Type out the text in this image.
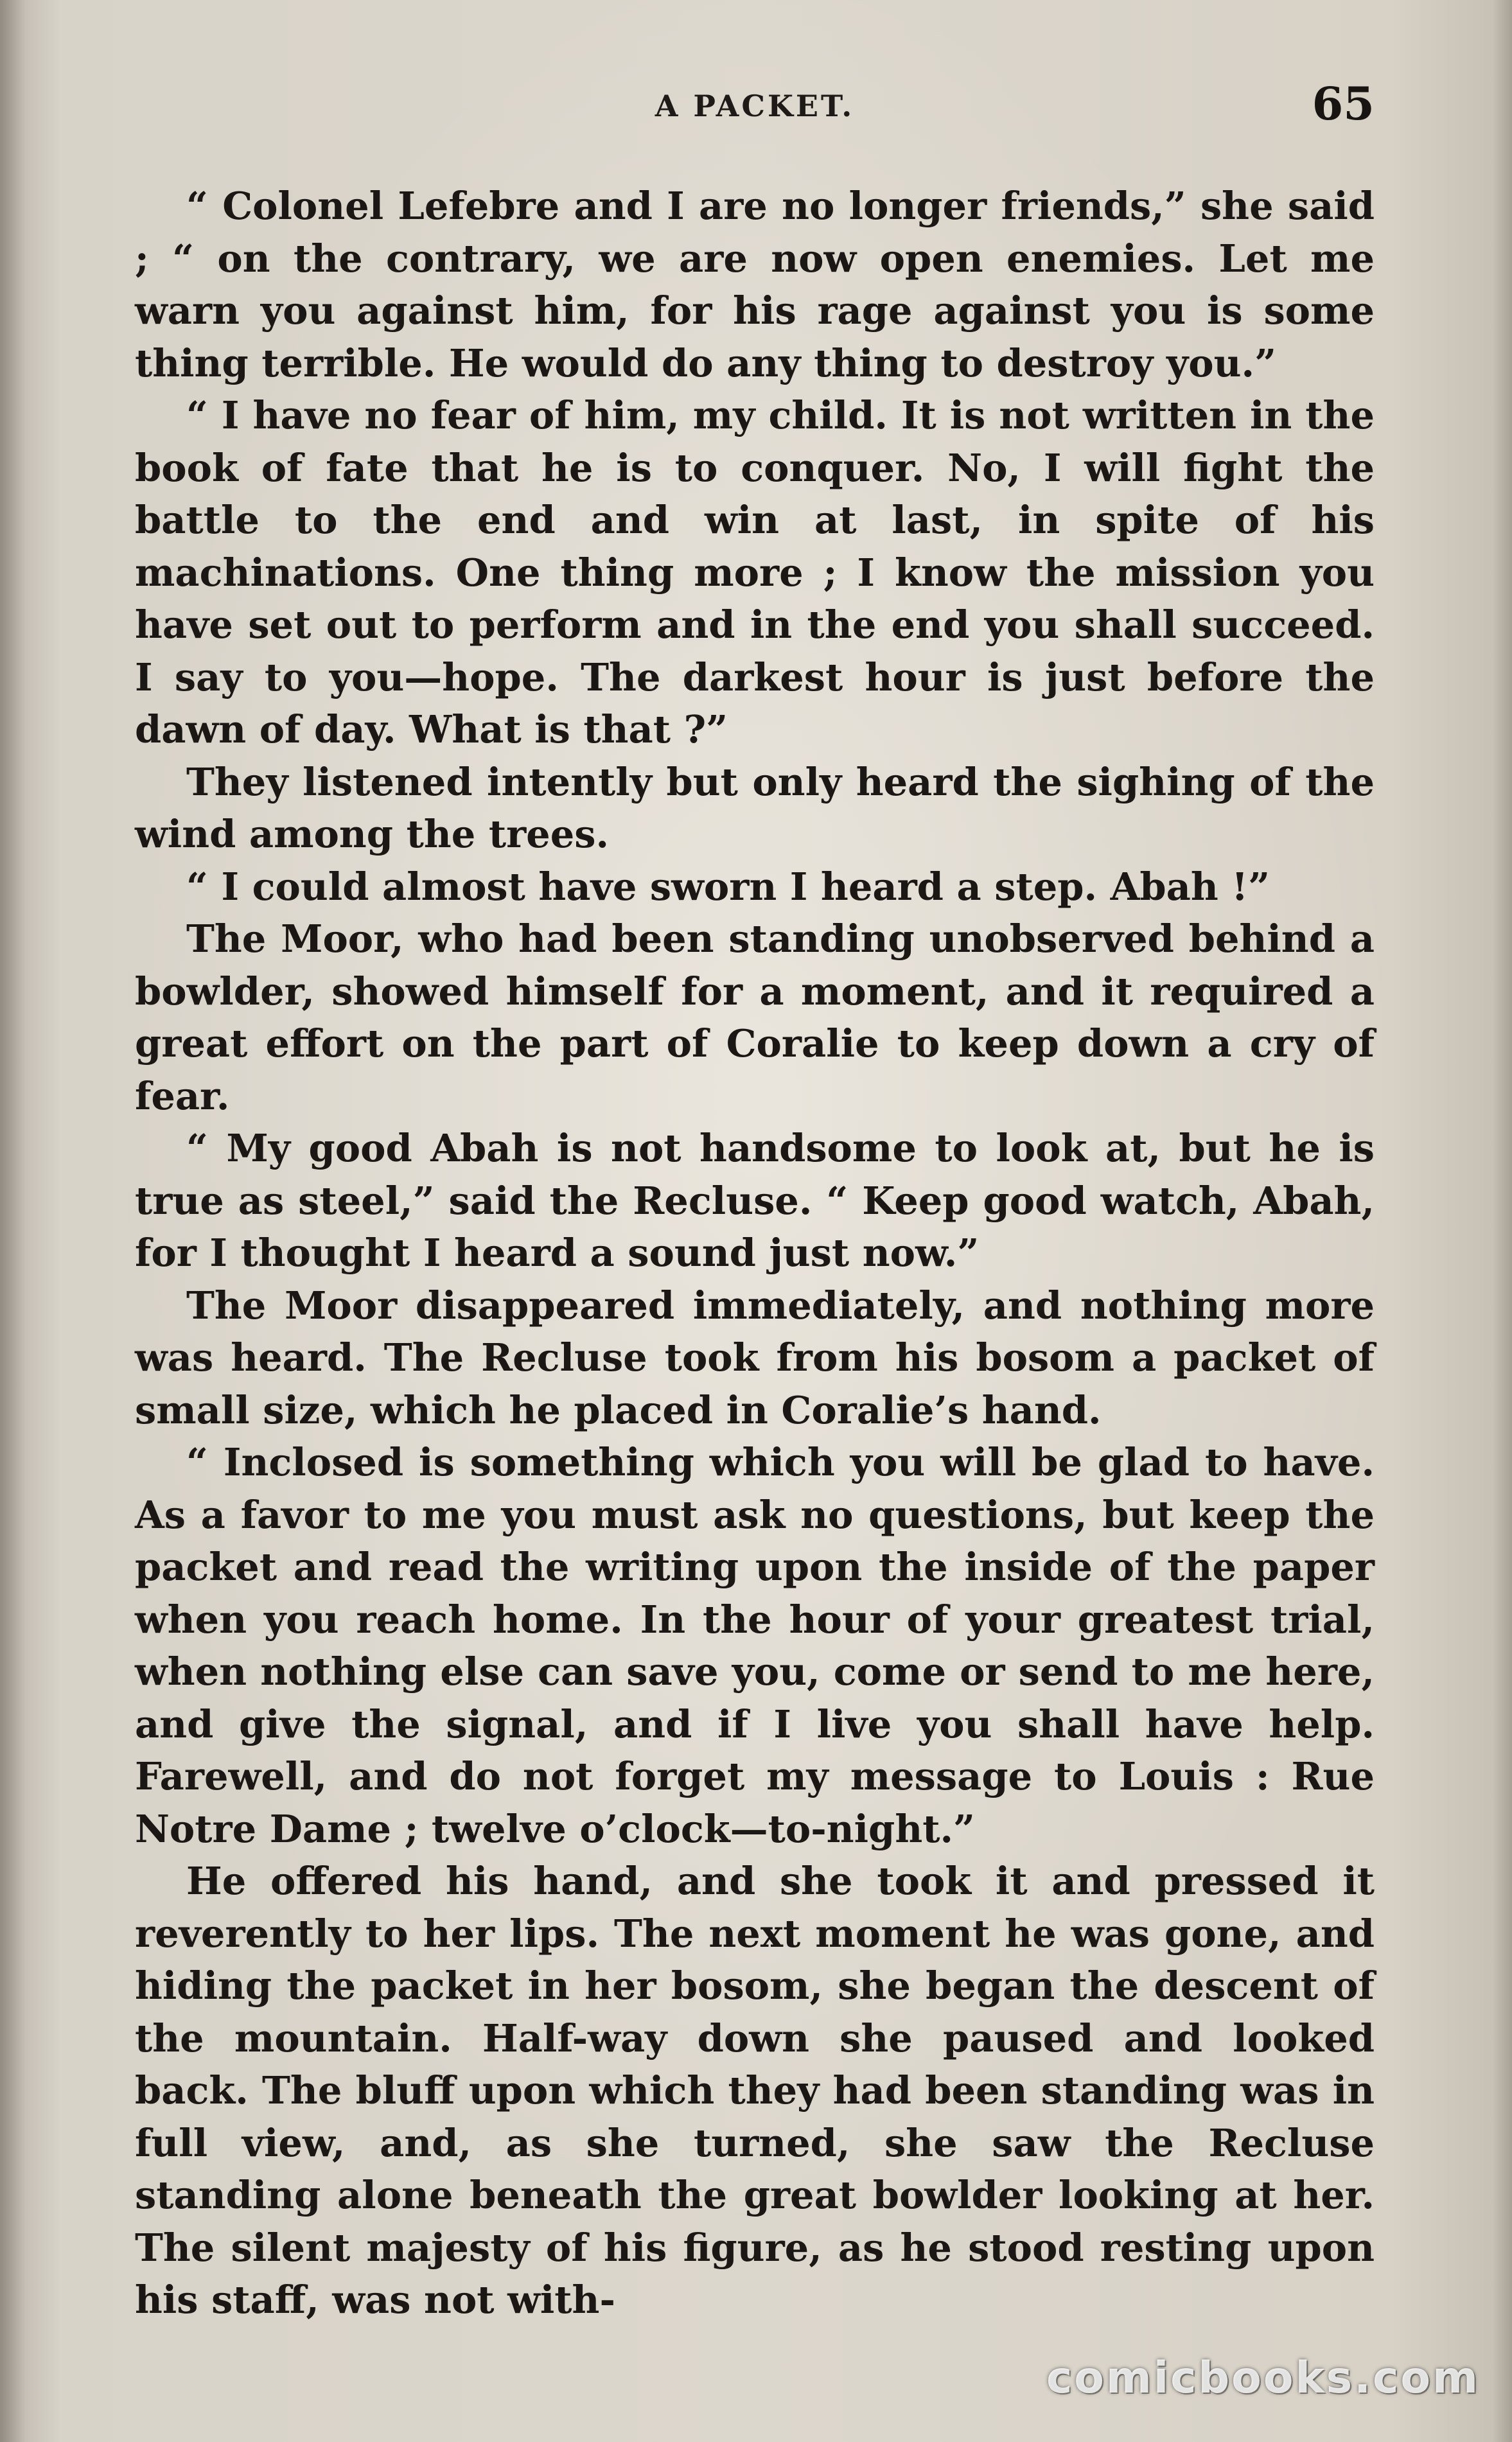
A PACKET.	65

“ Colonel Lefebre and I are no longer friends,” she said ; “ on the contrary, we are now open enemies. Let me warn you against him, for his rage against you is some thing terrible. He would do any thing to destroy you.”

“ I have no fear of him, my child. It is not written in the book of fate that he is to conquer. No, I will fight the battle to the end and win at last, in spite of his machinations. One thing more ; I know the mission you have set out to perform and in the end you shall succeed. I say to you—hope. The darkest hour is just before the dawn of day. What is that ?”

They listened intently but only heard the sighing of the wind among the trees.

“ I could almost have sworn I heard a step. Abah !”

The Moor, who had been standing unobserved behind a bowlder, showed himself for a moment, and it required a great effort on the part of Coralie to keep down a cry of fear.

“ My good Abah is not handsome to look at, but he is true as steel,” said the Recluse. “ Keep good watch, Abah, for I thought I heard a sound just now.”

The Moor disappeared immediately, and nothing more was heard. The Recluse took from his bosom a packet of small size, which he placed in Coralie’s hand.

“ Inclosed is something which you will be glad to have. As a favor to me you must ask no questions, but keep the packet and read the writing upon the inside of the paper when you reach home. In the hour of your greatest trial, when nothing else can save you, come or send to me here, and give the signal, and if I live you shall have help. Farewell, and do not forget my message to Louis : Rue Notre Dame ; twelve o’clock—to-night.”

He offered his hand, and she took it and pressed it reverently to her lips. The next moment he was gone, and hiding the packet in her bosom, she began the descent of the mountain. Half-way down she paused and looked back. The bluff upon which they had been standing was in full view, and, as she turned, she saw the Recluse standing alone beneath the great bowlder looking at her. The silent majesty of his figure, as he stood resting upon his staff, was not with-

comicbooks.com
